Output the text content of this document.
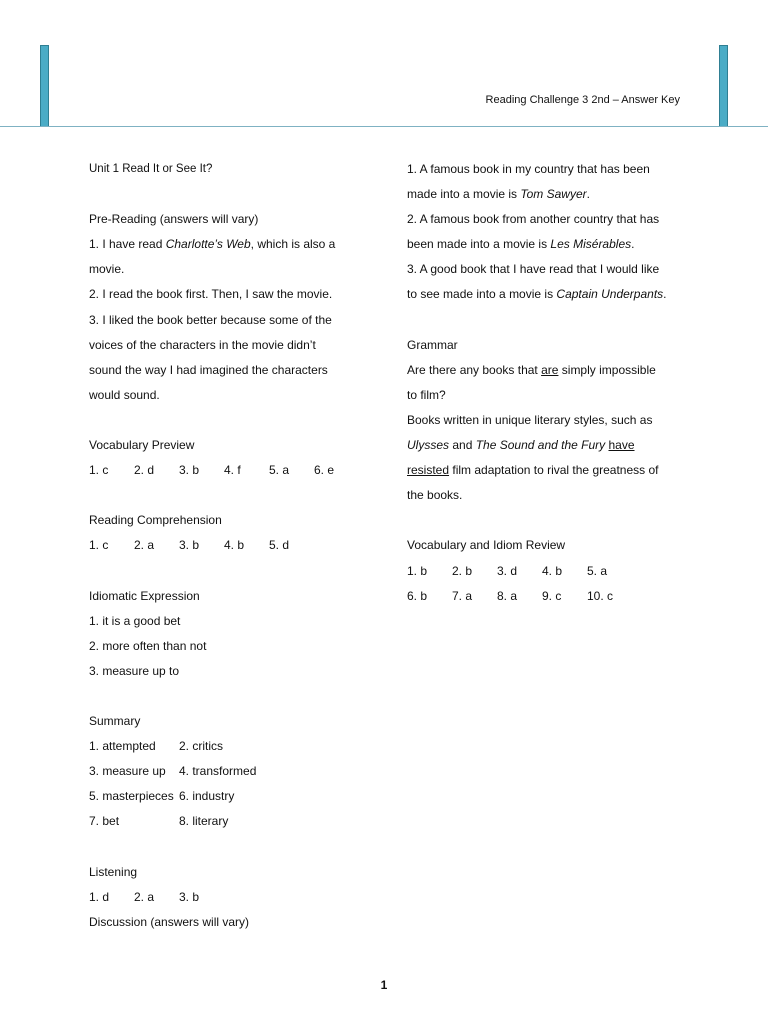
Reading Challenge 3 2nd – Answer Key
Unit 1 Read It or See It?
Pre-Reading (answers will vary)
1. I have read Charlotte’s Web, which is also a
movie.
2. I read the book first. Then, I saw the movie.
3. I liked the book better because some of the
voices of the characters in the movie didn’t
sound the way I had imagined the characters
would sound.
Vocabulary Preview
1. c 2. d 3. b 4. f 5. a 6. e
Reading Comprehension
1. c 2. a 3. b 4. b 5. d
Idiomatic Expression
1. it is a good bet
2. more often than not
3. measure up to
Summary
1. attempted 2. critics
3. measure up 4. transformed
5. masterpieces 6. industry
7. bet	8. literary
Listening
1. d 2. a 3. b
Discussion (answers will vary)
1. A famous book in my country that has been
made into a movie is Tom Sawyer.
2. A famous book from another country that has
been made into a movie is Les Misérables.
3. A good book that I have read that I would like
to see made into a movie is Captain Underpants.
Grammar
Are there any books that are simply impossible
to film?
Books written in unique literary styles, such as
Ulysses and The Sound and the Fury have
resisted film adaptation to rival the greatness of
the books.
Vocabulary and Idiom Review
1. b 2. b 3. d 4. b 5. a
6. b 7. a 8. a 9. c 10. c
1
